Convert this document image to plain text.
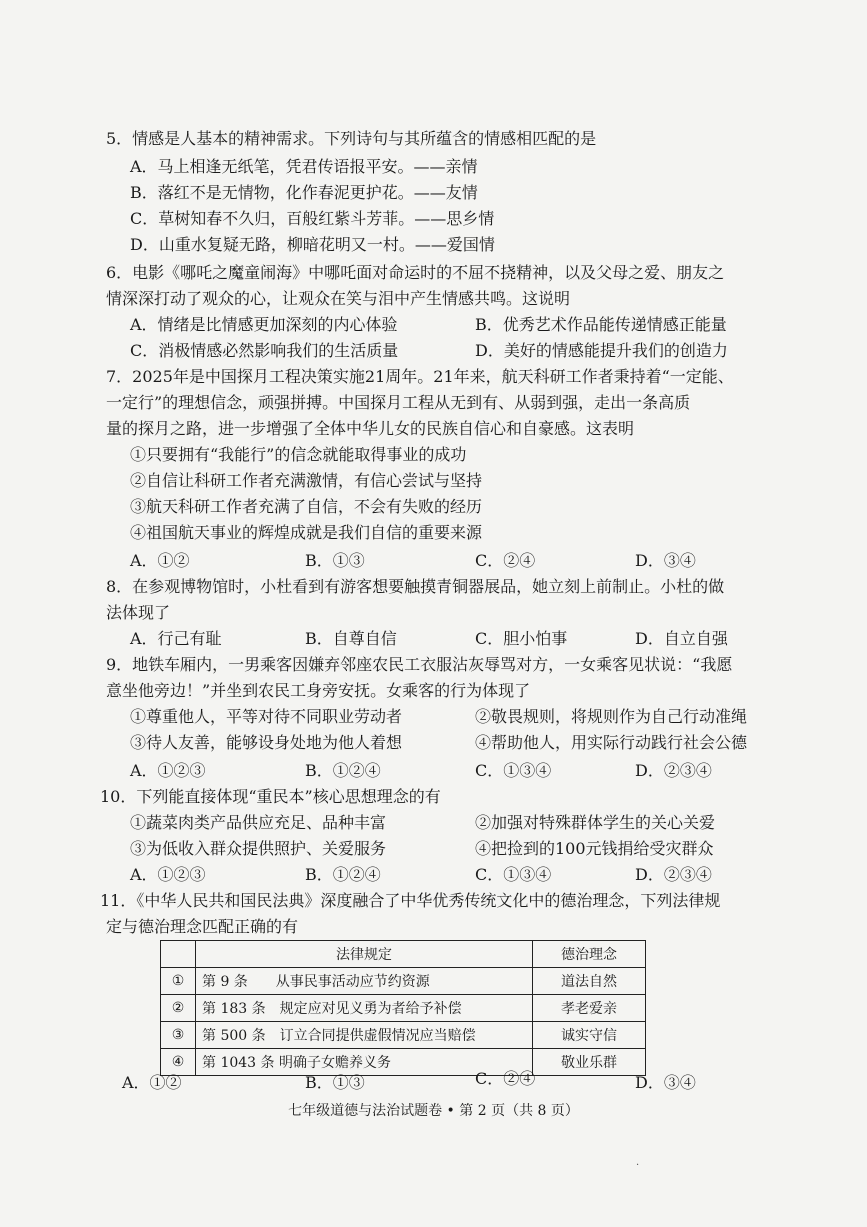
5．情感是人基本的精神需求。下列诗句与其所蕴含的情感相匹配的是
A．马上相逢无纸笔，凭君传语报平安。——亲情
B．落红不是无情物，化作春泥更护花。——友情
C．草树知春不久归，百般红紫斗芳菲。——思乡情
D．山重水复疑无路，柳暗花明又一村。——爱国情
6．电影《哪吒之魔童闹海》中哪吒面对命运时的不屈不挠精神，以及父母之爱、朋友之
情深深打动了观众的心，让观众在笑与泪中产生情感共鸣。这说明
A．情绪是比情感更加深刻的内心体验	B．优秀艺术作品能传递情感正能量
C．消极情感必然影响我们的生活质量	D．美好的情感能提升我们的创造力
7．2025年是中国探月工程决策实施21周年。21年来，航天科研工作者秉持着“一定能、
一定行”的理想信念，顽强拼搏。中国探月工程从无到有、从弱到强，走出一条高质
量的探月之路，进一步增强了全体中华儿女的民族自信心和自豪感。这表明
①只要拥有“我能行”的信念就能取得事业的成功
②自信让科研工作者充满激情，有信心尝试与坚持
③航天科研工作者充满了自信，不会有失败的经历
④祖国航天事业的辉煌成就是我们自信的重要来源
A．①②	B．①③	C．②④	D．③④
8．在参观博物馆时，小杜看到有游客想要触摸青铜器展品，她立刻上前制止。小杜的做
法体现了
A．行己有耻	B．自尊自信	C．胆小怕事	D．自立自强
9．地铁车厢内，一男乘客因嫌弃邻座农民工衣服沾灰辱骂对方，一女乘客见状说：“我愿
意坐他旁边！”并坐到农民工身旁安抚。女乘客的行为体现了
①尊重他人，平等对待不同职业劳动者	②敬畏规则，将规则作为自己行动准绳
③待人友善，能够设身处地为他人着想	④帮助他人，用实际行动践行社会公德
A．①②③	B．①②④	C．①③④	D．②③④
10．下列能直接体现“重民本”核心思想理念的有
①蔬菜肉类产品供应充足、品种丰富	②加强对特殊群体学生的关心关爱
③为低收入群众提供照护、关爱服务	④把捡到的100元钱捐给受灾群众
A．①②③	B．①②④	C．①③④	D．②③④
11．《中华人民共和国民法典》深度融合了中华优秀传统文化中的德治理念，下列法律规
定与德治理念匹配正确的有
	法律规定	德治理念
①	第 9 条　　从事民事活动应节约资源	道法自然
②	第 183 条　规定应对见义勇为者给予补偿	孝老爱亲
③	第 500 条　订立合同提供虚假情况应当赔偿	诚实守信
④	第 1043 条 明确子女赡养义务	敬业乐群
A．①②	B．①③	C．②④	D．③④
七年级道德与法治试题卷 • 第 2 页（共 8 页）
·
